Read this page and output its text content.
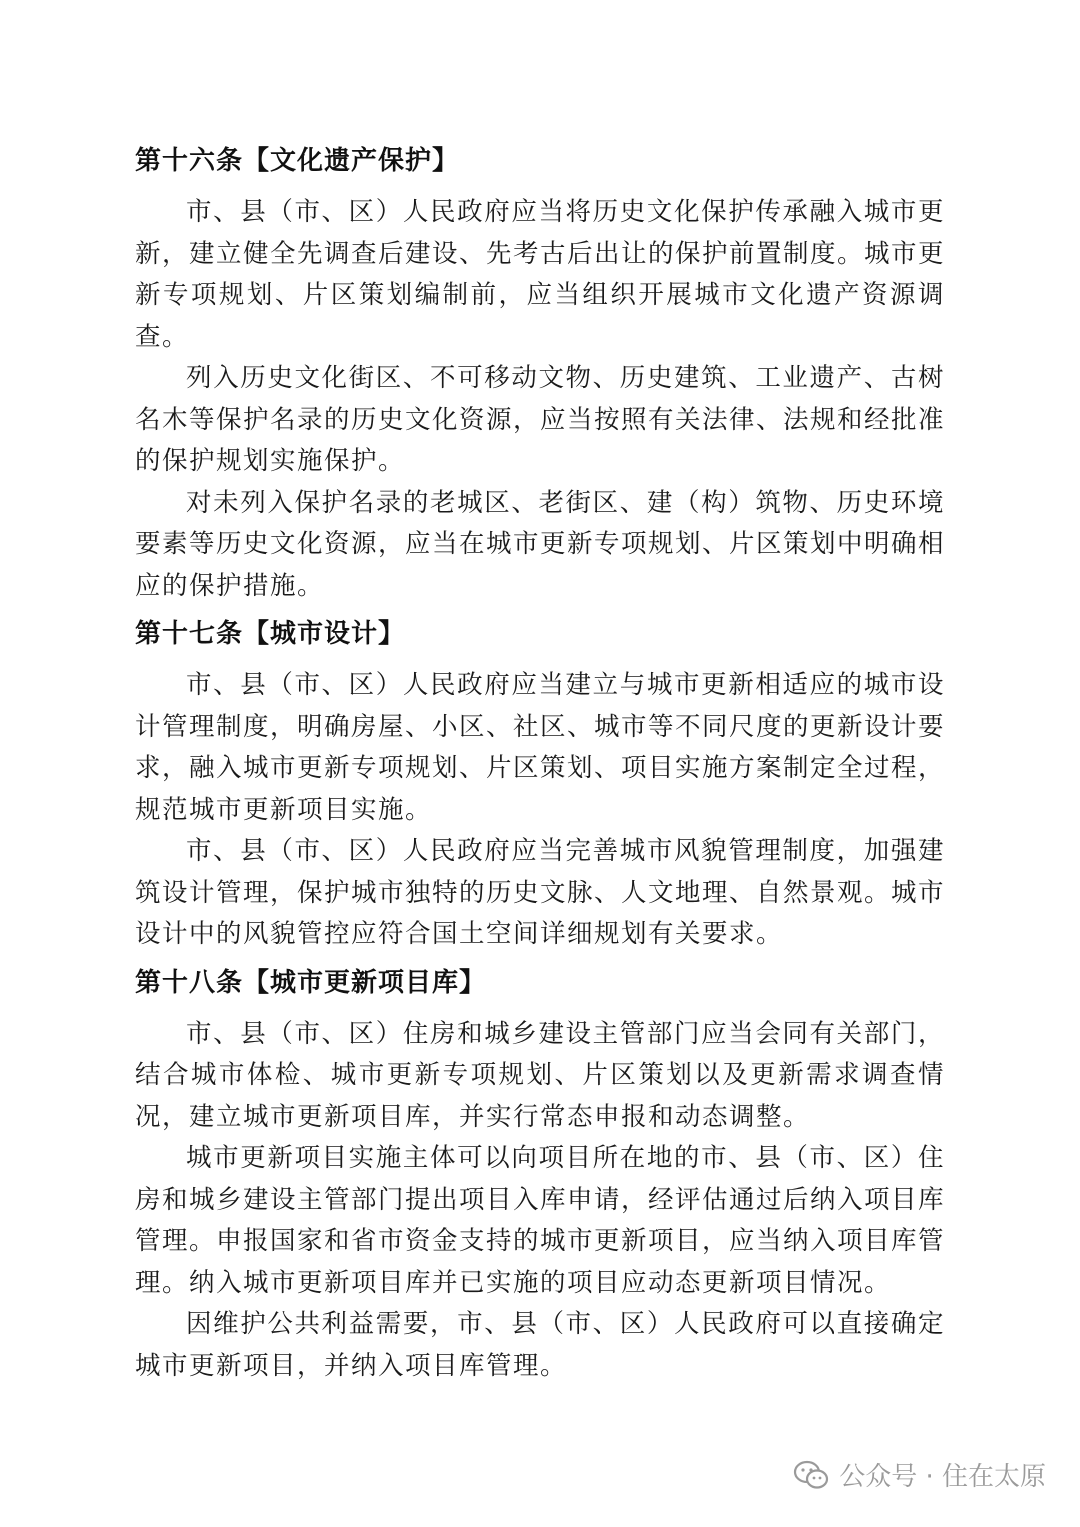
第十六条【文化遗产保护】

市、县（市、区）人民政府应当将历史文化保护传承融入城市更新，建立健全先调查后建设、先考古后出让的保护前置制度。城市更新专项规划、片区策划编制前，应当组织开展城市文化遗产资源调查。

列入历史文化街区、不可移动文物、历史建筑、工业遗产、古树名木等保护名录的历史文化资源，应当按照有关法律、法规和经批准的保护规划实施保护。

对未列入保护名录的老城区、老街区、建（构）筑物、历史环境要素等历史文化资源，应当在城市更新专项规划、片区策划中明确相应的保护措施。

第十七条【城市设计】

市、县（市、区）人民政府应当建立与城市更新相适应的城市设计管理制度，明确房屋、小区、社区、城市等不同尺度的更新设计要求，融入城市更新专项规划、片区策划、项目实施方案制定全过程，规范城市更新项目实施。

市、县（市、区）人民政府应当完善城市风貌管理制度，加强建筑设计管理，保护城市独特的历史文脉、人文地理、自然景观。城市设计中的风貌管控应符合国土空间详细规划有关要求。

第十八条【城市更新项目库】

市、县（市、区）住房和城乡建设主管部门应当会同有关部门，结合城市体检、城市更新专项规划、片区策划以及更新需求调查情况，建立城市更新项目库，并实行常态申报和动态调整。

城市更新项目实施主体可以向项目所在地的市、县（市、区）住房和城乡建设主管部门提出项目入库申请，经评估通过后纳入项目库管理。申报国家和省市资金支持的城市更新项目，应当纳入项目库管理。纳入城市更新项目库并已实施的项目应动态更新项目情况。

因维护公共利益需要，市、县（市、区）人民政府可以直接确定城市更新项目，并纳入项目库管理。

公众号 · 住在太原
